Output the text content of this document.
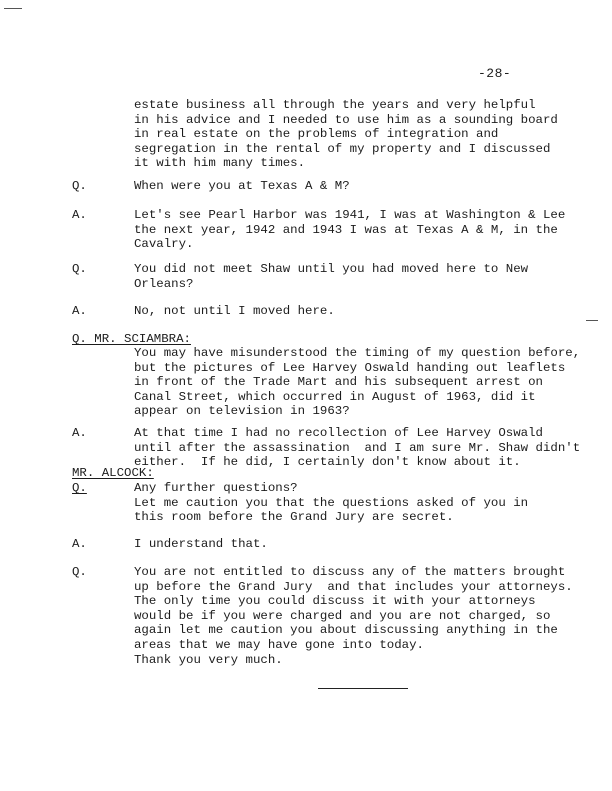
-28-
estate business all through the years and very helpful
in his advice and I needed to use him as a sounding board
in real estate on the problems of integration and
segregation in the rental of my property and I discussed
it with him many times.
Q.	When were you at Texas A & M?
A.	Let's see Pearl Harbor was 1941, I was at Washington & Lee
the next year, 1942 and 1943 I was at Texas A & M, in the
Cavalry.
Q.	You did not meet Shaw until you had moved here to New
Orleans?
A.	No, not until I moved here.
Q. MR. SCIAMBRA:
You may have misunderstood the timing of my question before,
but the pictures of Lee Harvey Oswald handing out leaflets
in front of the Trade Mart and his subsequent arrest on
Canal Street, which occurred in August of 1963, did it
appear on television in 1963?
A.	At that time I had no recollection of Lee Harvey Oswald
until after the assassination  and I am sure Mr. Shaw didn't
either.  If he did, I certainly don't know about it.
MR. ALCOCK:
Q.	Any further questions?
Let me caution you that the questions asked of you in
this room before the Grand Jury are secret.
A.	I understand that.
Q.	You are not entitled to discuss any of the matters brought
up before the Grand Jury  and that includes your attorneys.
The only time you could discuss it with your attorneys
would be if you were charged and you are not charged, so
again let me caution you about discussing anything in the
areas that we may have gone into today.
Thank you very much.
